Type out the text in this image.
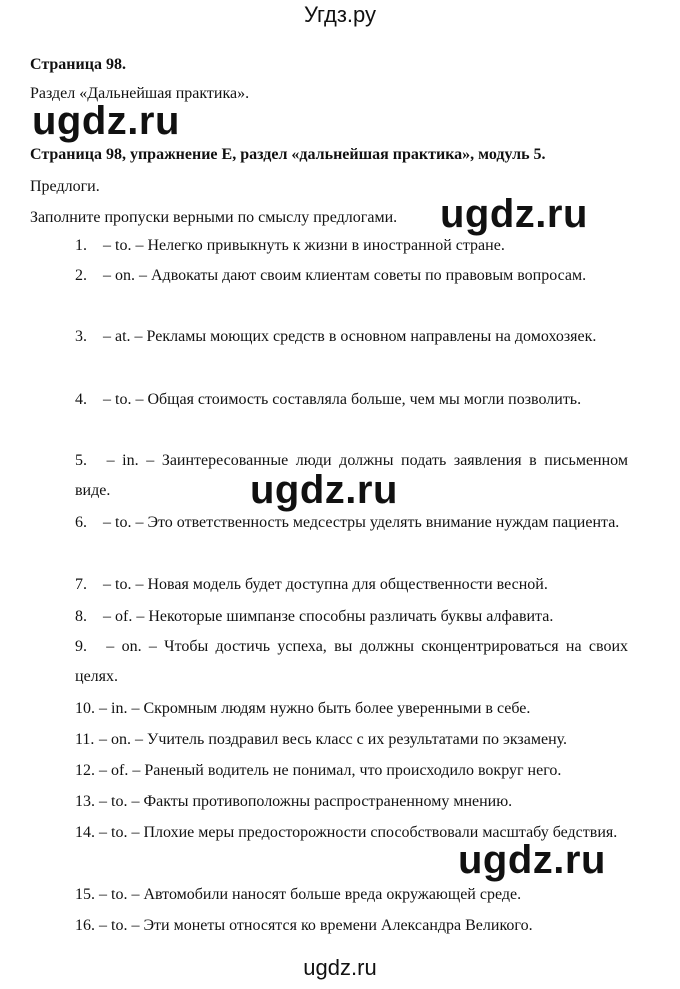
Угдз.ру
Страница 98.
Раздел «Дальнейшая практика».
ugdz.ru
Страница 98, упражнение E, раздел «дальнейшая практика», модуль 5.
Предлоги.
Заполните пропуски верными по смыслу предлогами. ugdz.ru
1. – to. – Нелегко привыкнуть к жизни в иностранной стране.
2. – on. – Адвокаты дают своим клиентам советы по правовым вопросам.
3. – at. – Рекламы моющих средств в основном направлены на домохозяек.
4. – to. – Общая стоимость составляла больше, чем мы могли позволить.
5. – in. – Заинтересованные люди должны подать заявления в письменном виде.	ugdz.ru
6. – to. – Это ответственность медсестры уделять внимание нуждам пациента.
7. – to. – Новая модель будет доступна для общественности весной.
8. – of. – Некоторые шимпанзе способны различать буквы алфавита.
9. – on. – Чтобы достичь успеха, вы должны сконцентрироваться на своих целях.
10. – in. – Скромным людям нужно быть более уверенными в себе.
11. – on. – Учитель поздравил весь класс с их результатами по экзамену.
12. – of. – Раненый водитель не понимал, что происходило вокруг него.
13. – to. – Факты противоположны распространенному мнению.
14. – to. – Плохие меры предосторожности способствовали масштабу бедствия.
ugdz.ru
15. – to. – Автомобили наносят больше вреда окружающей среде.
16. – to. – Эти монеты относятся ко времени Александра Великого.
ugdz.ru
